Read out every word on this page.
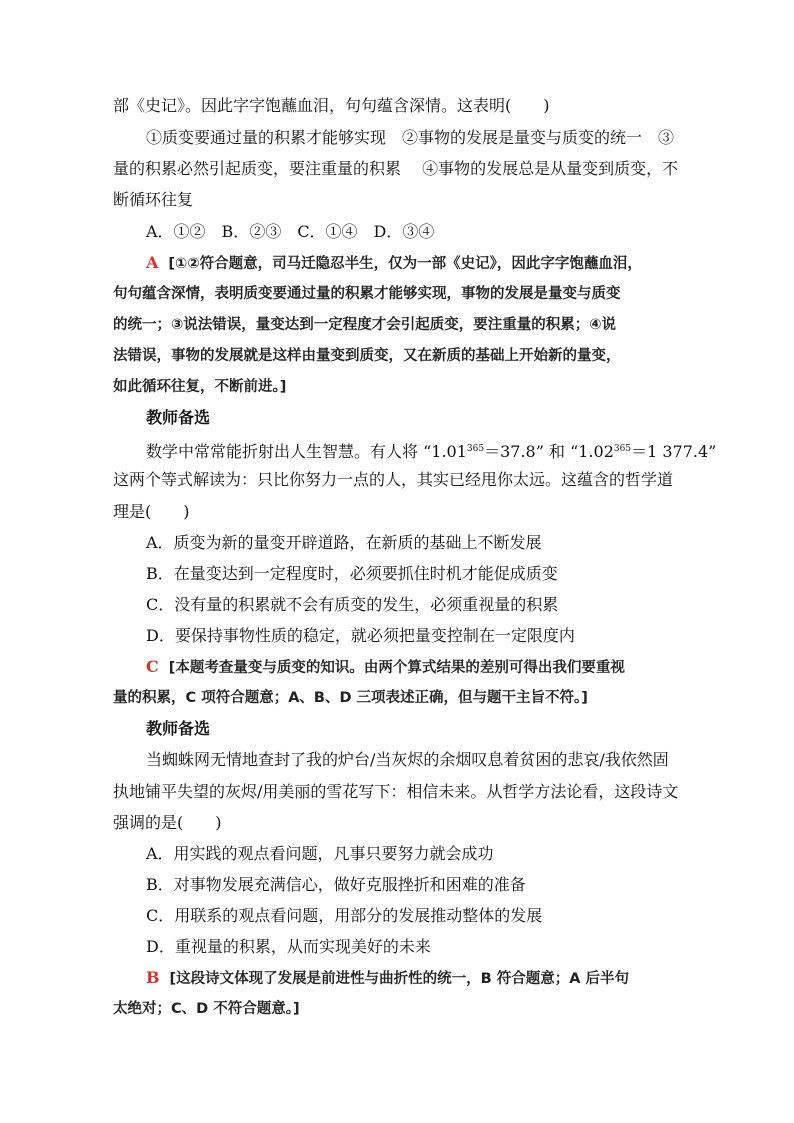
部《史记》。因此字字饱蘸血泪，句句蕴含深情。这表明(　　)
①质变要通过量的积累才能够实现　②事物的发展是量变与质变的统一　③
量的积累必然引起质变，要注重量的积累　 ④事物的发展总是从量变到质变，不
断循环往复
A．①②　B．②③　C．①④　D．③④
A [①②符合题意，司马迁隐忍半生，仅为一部《史记》，因此字字饱蘸血泪，
句句蕴含深情，表明质变要通过量的积累才能够实现，事物的发展是量变与质变
的统一；③说法错误，量变达到一定程度才会引起质变，要注重量的积累；④说
法错误，事物的发展就是这样由量变到质变，又在新质的基础上开始新的量变，
如此循环往复，不断前进。]
教师备选
数学中常常能折射出人生智慧。有人将 “$1.01^{365}=37.8$” 和 “$1.02^{365}=1$ 377.4”
这两个等式解读为：只比你努力一点的人，其实已经甩你太远。这蕴含的哲学道
理是(　　)
A．质变为新的量变开辟道路，在新质的基础上不断发展
B．在量变达到一定程度时，必须要抓住时机才能促成质变
C．没有量的积累就不会有质变的发生，必须重视量的积累
D．要保持事物性质的稳定，就必须把量变控制在一定限度内
C [本题考查量变与质变的知识。由两个算式结果的差别可得出我们要重视
量的积累，C 项符合题意；A、B、D 三项表述正确，但与题干主旨不符。]
教师备选
当蜘蛛网无情地查封了我的炉台/当灰烬的余烟叹息着贫困的悲哀/我依然固
执地铺平失望的灰烬/用美丽的雪花写下：相信未来。从哲学方法论看，这段诗文
强调的是(　　)
A．用实践的观点看问题，凡事只要努力就会成功
B．对事物发展充满信心，做好克服挫折和困难的准备
C．用联系的观点看问题，用部分的发展推动整体的发展
D．重视量的积累，从而实现美好的未来
B [这段诗文体现了发展是前进性与曲折性的统一，B 符合题意；A 后半句
太绝对；C、D 不符合题意。]
